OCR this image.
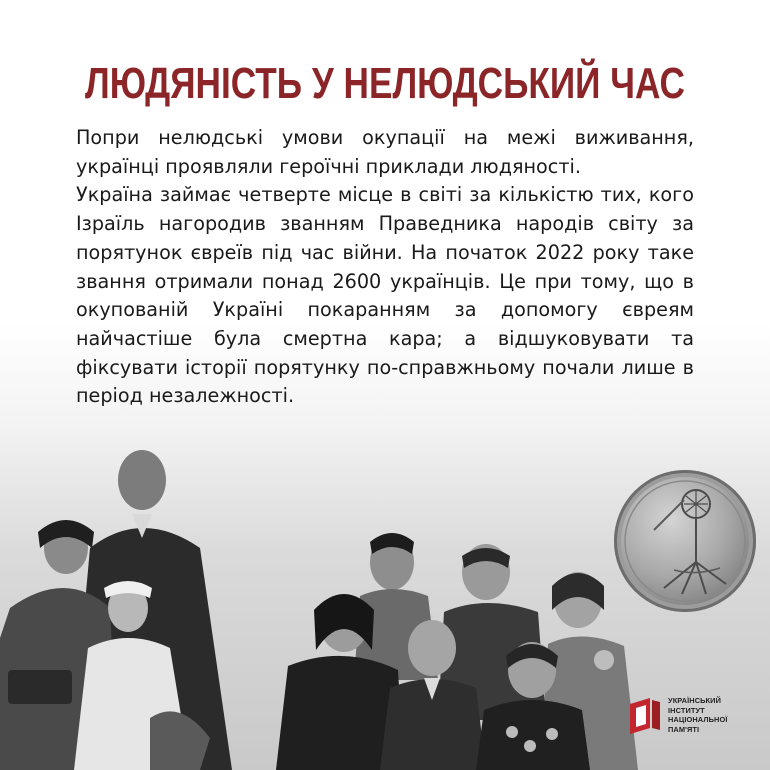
ЛЮДЯНІСТЬ У НЕЛЮДСЬКИЙ ЧАС

Попри нелюдські умови окупації на межі виживання, українці проявляли героїчні приклади людяності.

Україна займає четверте місце в світі за кількістю тих, кого Ізраїль нагородив званням Праведника народів світу за порятунок євреїв під час війни. На початок 2022 року таке звання отримали понад 2600 українців. Це при тому, що в окупованій Україні покаранням за допомогу євреям найчастіше була смертна кара; а відшуковувати та фіксувати історії порятунку по-справжньому почали лише в період незалежності.

УКРАЇНСЬКИЙ
ІНСТИТУТ
НАЦІОНАЛЬНОЇ
ПАМ'ЯТІ
